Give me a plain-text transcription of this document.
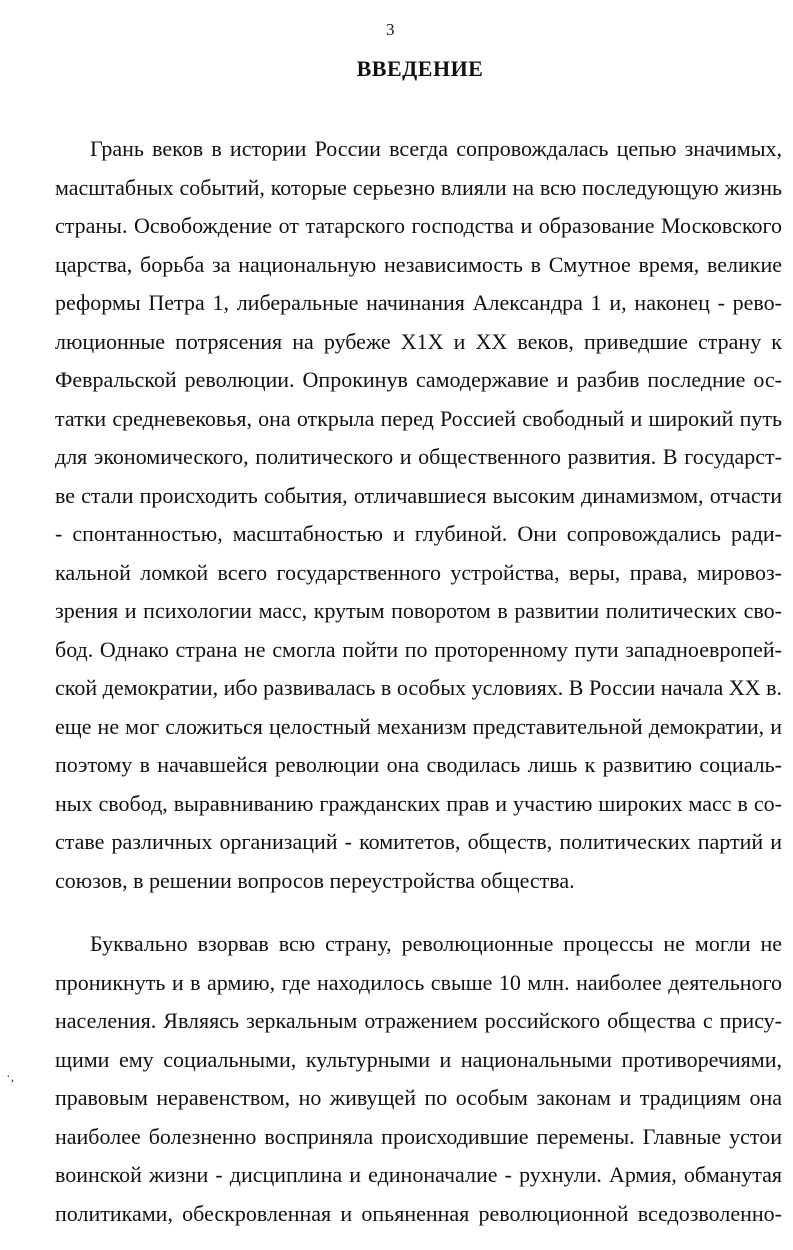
3
ВВЕДЕНИЕ
Грань веков в истории России всегда сопровождалась цепью значимых,
масштабных событий, которые серьезно влияли на всю последующую жизнь
страны. Освобождение от татарского господства и образование Московского
царства, борьба за национальную независимость в Смутное время, великие
реформы Петра 1, либеральные начинания Александра 1 и, наконец - рево-
люционные потрясения на рубеже Х1Х и ХХ веков, приведшие страну к
Февральской революции. Опрокинув самодержавие и разбив последние ос-
татки средневековья, она открыла перед Россией свободный и широкий путь
для экономического, политического и общественного развития. В государст-
ве стали происходить события, отличавшиеся высоким динамизмом, отчасти
- спонтанностью, масштабностью и глубиной. Они сопровождались ради-
кальной ломкой всего государственного устройства, веры, права, мировоз-
зрения и психологии масс, крутым поворотом в развитии политических сво-
бод. Однако страна не смогла пойти по проторенному пути западноевропей-
ской демократии, ибо развивалась в особых условиях. В России начала ХХ в.
еще не мог сложиться целостный механизм представительной демократии, и
поэтому в начавшейся революции она сводилась лишь к развитию социаль-
ных свобод, выравниванию гражданских прав и участию широких масс в со-
ставе различных организаций - комитетов, обществ, политических партий и
союзов, в решении вопросов переустройства общества.
Буквально взорвав всю страну, революционные процессы не могли не
проникнуть и в армию, где находилось свыше 10 млн. наиболее деятельного
населения. Являясь зеркальным отражением российского общества с прису-
щими ему социальными, культурными и национальными противоречиями,
правовым неравенством, но живущей по особым законам и традициям она
наиболее болезненно восприняла происходившие перемены. Главные устои
воинской жизни - дисциплина и единоначалие - рухнули. Армия, обманутая
политиками, обескровленная и опьяненная революционной вседозволенно-
·,
